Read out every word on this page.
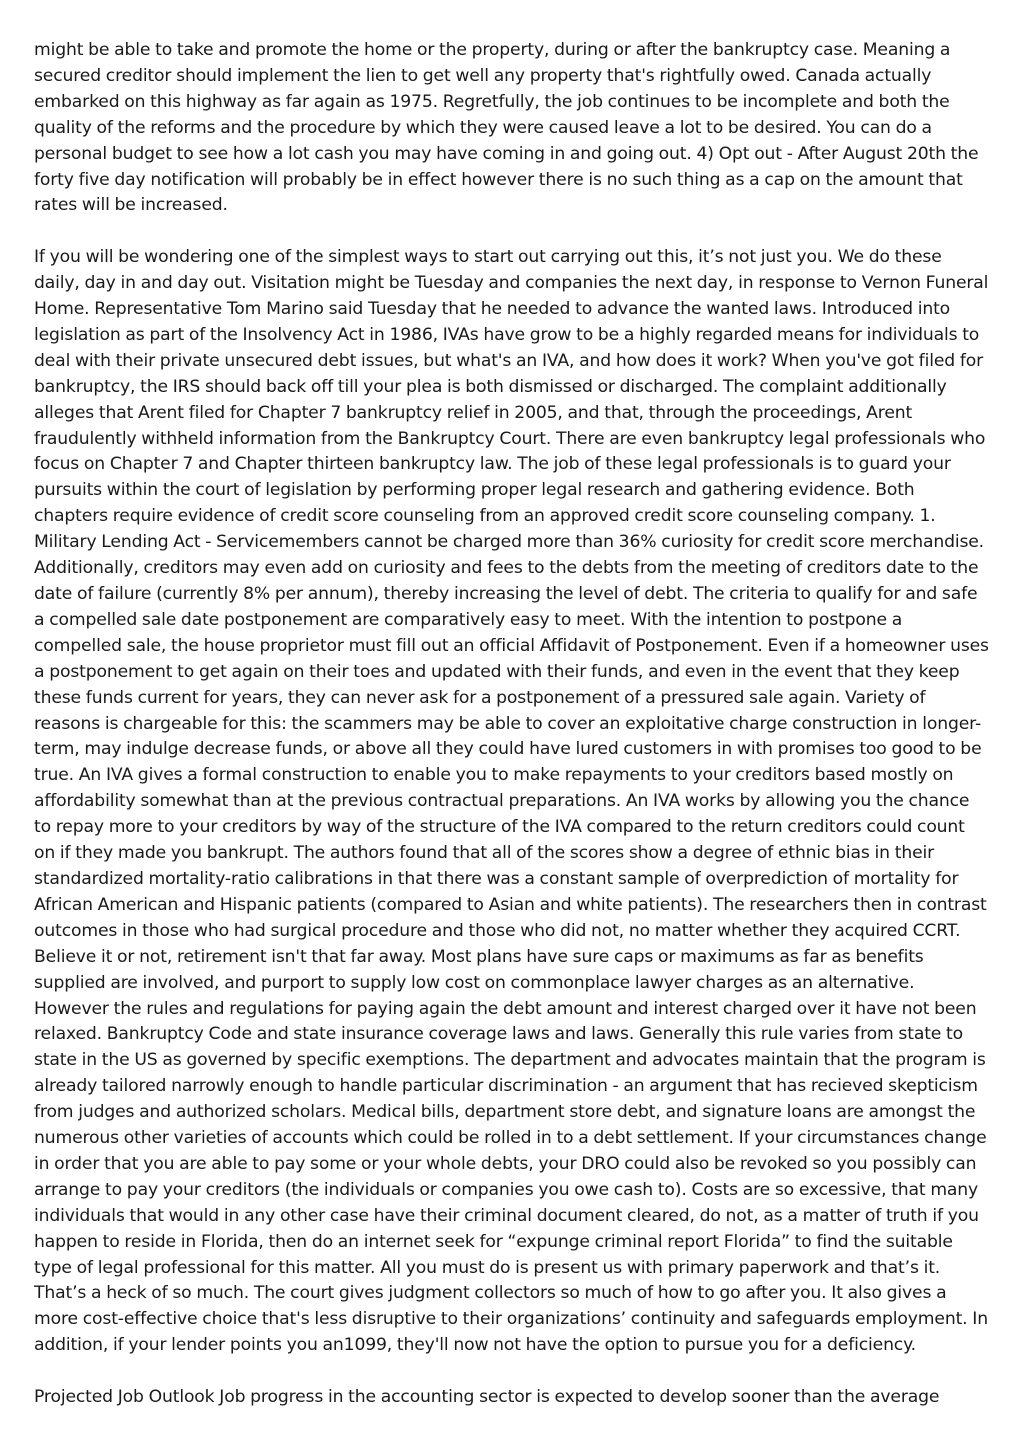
might be able to take and promote the home or the property, during or after the bankruptcy case. Meaning a secured creditor should implement the lien to get well any property that's rightfully owed. Canada actually embarked on this highway as far again as 1975. Regretfully, the job continues to be incomplete and both the quality of the reforms and the procedure by which they were caused leave a lot to be desired. You can do a personal budget to see how a lot cash you may have coming in and going out. 4) Opt out - After August 20th the forty five day notification will probably be in effect however there is no such thing as a cap on the amount that rates will be increased.

If you will be wondering one of the simplest ways to start out carrying out this, it’s not just you. We do these daily, day in and day out. Visitation might be Tuesday and companies the next day, in response to Vernon Funeral Home. Representative Tom Marino said Tuesday that he needed to advance the wanted laws. Introduced into legislation as part of the Insolvency Act in 1986, IVAs have grow to be a highly regarded means for individuals to deal with their private unsecured debt issues, but what's an IVA, and how does it work? When you've got filed for bankruptcy, the IRS should back off till your plea is both dismissed or discharged. The complaint additionally alleges that Arent filed for Chapter 7 bankruptcy relief in 2005, and that, through the proceedings, Arent fraudulently withheld information from the Bankruptcy Court. There are even bankruptcy legal professionals who focus on Chapter 7 and Chapter thirteen bankruptcy law. The job of these legal professionals is to guard your pursuits within the court of legislation by performing proper legal research and gathering evidence. Both chapters require evidence of credit score counseling from an approved credit score counseling company. 1. Military Lending Act - Servicemembers cannot be charged more than 36% curiosity for credit score merchandise. Additionally, creditors may even add on curiosity and fees to the debts from the meeting of creditors date to the date of failure (currently 8% per annum), thereby increasing the level of debt. The criteria to qualify for and safe a compelled sale date postponement are comparatively easy to meet. With the intention to postpone a compelled sale, the house proprietor must fill out an official Affidavit of Postponement. Even if a homeowner uses a postponement to get again on their toes and updated with their funds, and even in the event that they keep these funds current for years, they can never ask for a postponement of a pressured sale again. Variety of reasons is chargeable for this: the scammers may be able to cover an exploitative charge construction in longer-term, may indulge decrease funds, or above all they could have lured customers in with promises too good to be true. An IVA gives a formal construction to enable you to make repayments to your creditors based mostly on affordability somewhat than at the previous contractual preparations. An IVA works by allowing you the chance to repay more to your creditors by way of the structure of the IVA compared to the return creditors could count on if they made you bankrupt. The authors found that all of the scores show a degree of ethnic bias in their standardized mortality-ratio calibrations in that there was a constant sample of overprediction of mortality for African American and Hispanic patients (compared to Asian and white patients). The researchers then in contrast outcomes in those who had surgical procedure and those who did not, no matter whether they acquired CCRT. Believe it or not, retirement isn't that far away. Most plans have sure caps or maximums as far as benefits supplied are involved, and purport to supply low cost on commonplace lawyer charges as an alternative. However the rules and regulations for paying again the debt amount and interest charged over it have not been relaxed. Bankruptcy Code and state insurance coverage laws and laws. Generally this rule varies from state to state in the US as governed by specific exemptions. The department and advocates maintain that the program is already tailored narrowly enough to handle particular discrimination - an argument that has recieved skepticism from judges and authorized scholars. Medical bills, department store debt, and signature loans are amongst the numerous other varieties of accounts which could be rolled in to a debt settlement. If your circumstances change in order that you are able to pay some or your whole debts, your DRO could also be revoked so you possibly can arrange to pay your creditors (the individuals or companies you owe cash to). Costs are so excessive, that many individuals that would in any other case have their criminal document cleared, do not, as a matter of truth if you happen to reside in Florida, then do an internet seek for “expunge criminal report Florida” to find the suitable type of legal professional for this matter. All you must do is present us with primary paperwork and that’s it. That’s a heck of so much. The court gives judgment collectors so much of how to go after you. It also gives a more cost-effective choice that's less disruptive to their organizations’ continuity and safeguards employment. In addition, if your lender points you an1099, they'll now not have the option to pursue you for a deficiency.

Projected Job Outlook Job progress in the accounting sector is expected to develop sooner than the average
